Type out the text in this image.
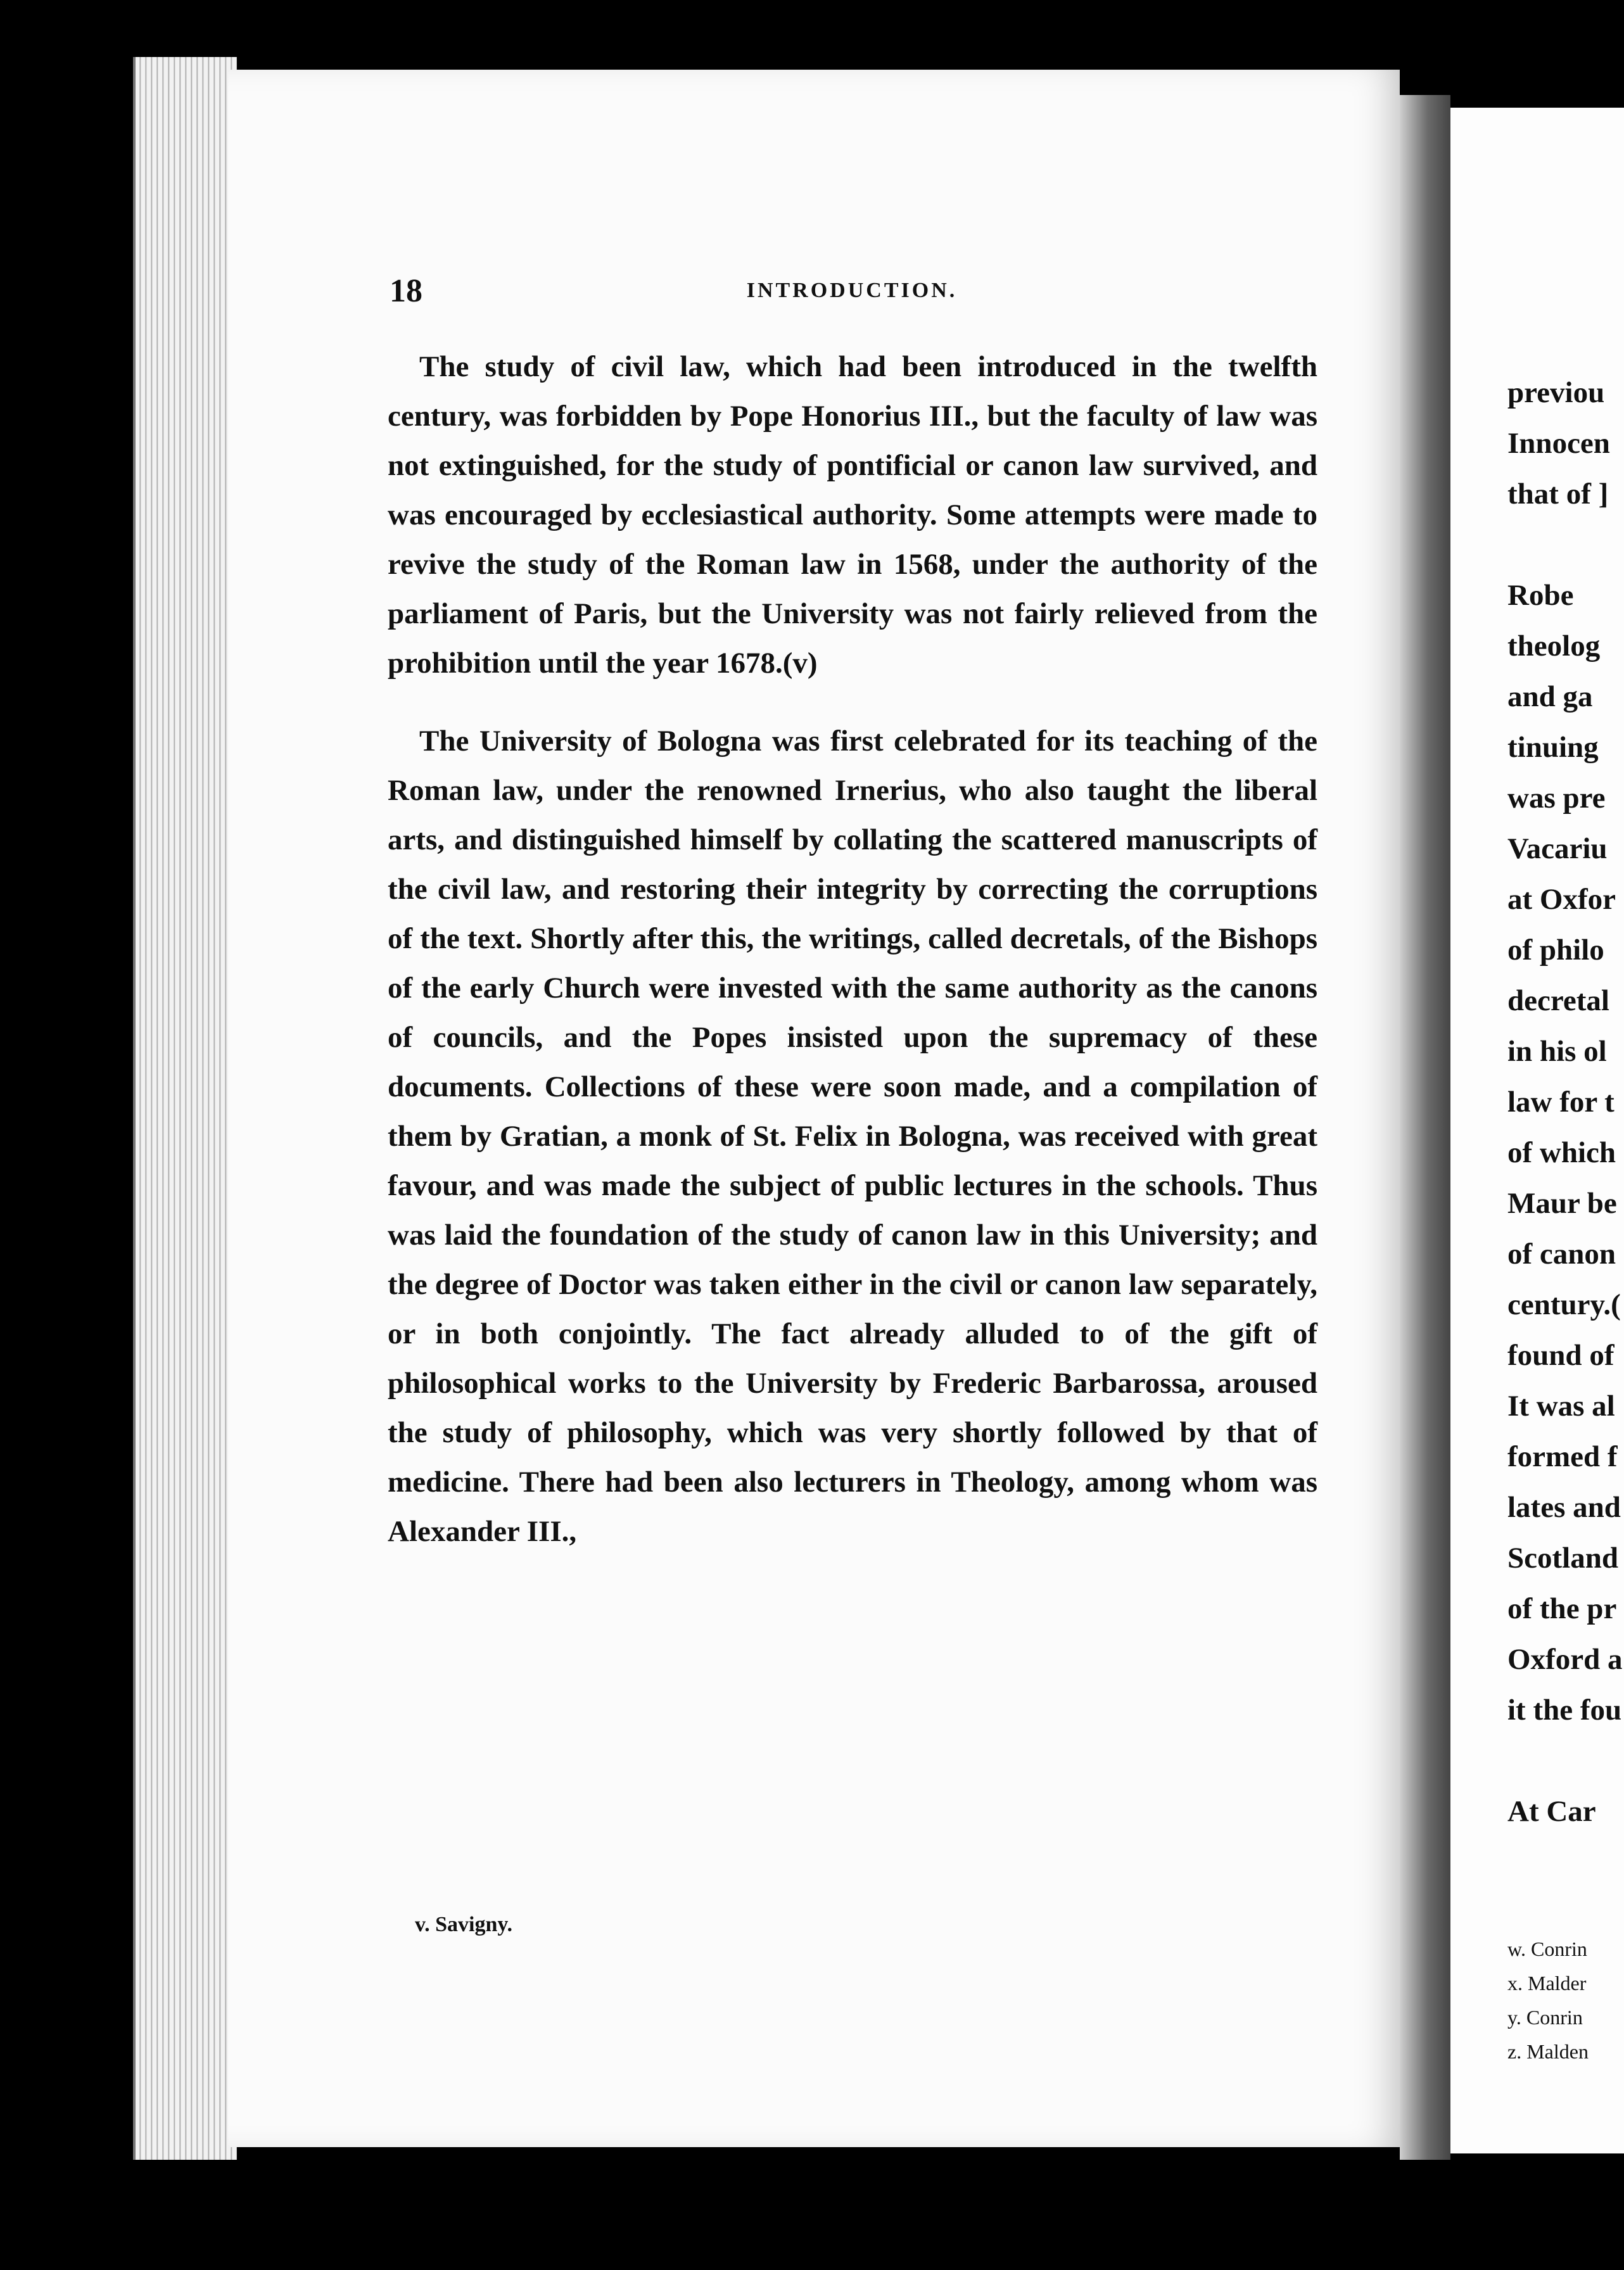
18	INTRODUCTION.

The study of civil law, which had been introduced in the twelfth century, was forbidden by Pope Honorius III., but the faculty of law was not extinguished, for the study of pontificial or canon law survived, and was encouraged by ecclesiastical authority. Some attempts were made to revive the study of the Roman law in 1568, under the authority of the parliament of Paris, but the University was not fairly relieved from the prohibition until the year 1678.(v)

The University of Bologna was first celebrated for its teaching of the Roman law, under the renowned Irnerius, who also taught the liberal arts, and distinguished himself by collating the scattered manuscripts of the civil law, and restoring their integrity by correcting the corruptions of the text. Shortly after this, the writings, called decretals, of the Bishops of the early Church were invested with the same authority as the canons of councils, and the Popes insisted upon the supremacy of these documents. Collections of these were soon made, and a compilation of them by Gratian, a monk of St. Felix in Bologna, was received with great favour, and was made the subject of public lectures in the schools. Thus was laid the foundation of the study of canon law in this University; and the degree of Doctor was taken either in the civil or canon law separately, or in both conjointly. The fact already alluded to of the gift of philosophical works to the University by Frederic Barbarossa, aroused the study of philosophy, which was very shortly followed by that of medicine. There had been also lecturers in Theology, among whom was Alexander III.,

v. Savigny.
previou
Innocen
that of ]
Robe
theolog
and ga
tinuing
was pre
Vacariu
at Oxfor
of philo
decretal
in his ol
law for t
of which
Maur be
of canon
century.(
found of
It was al
formed f
lates and
Scotland
of the pr
Oxford a
it the fou
At Car
w. Conrin
x. Malder
y. Conrin
z. Malden
